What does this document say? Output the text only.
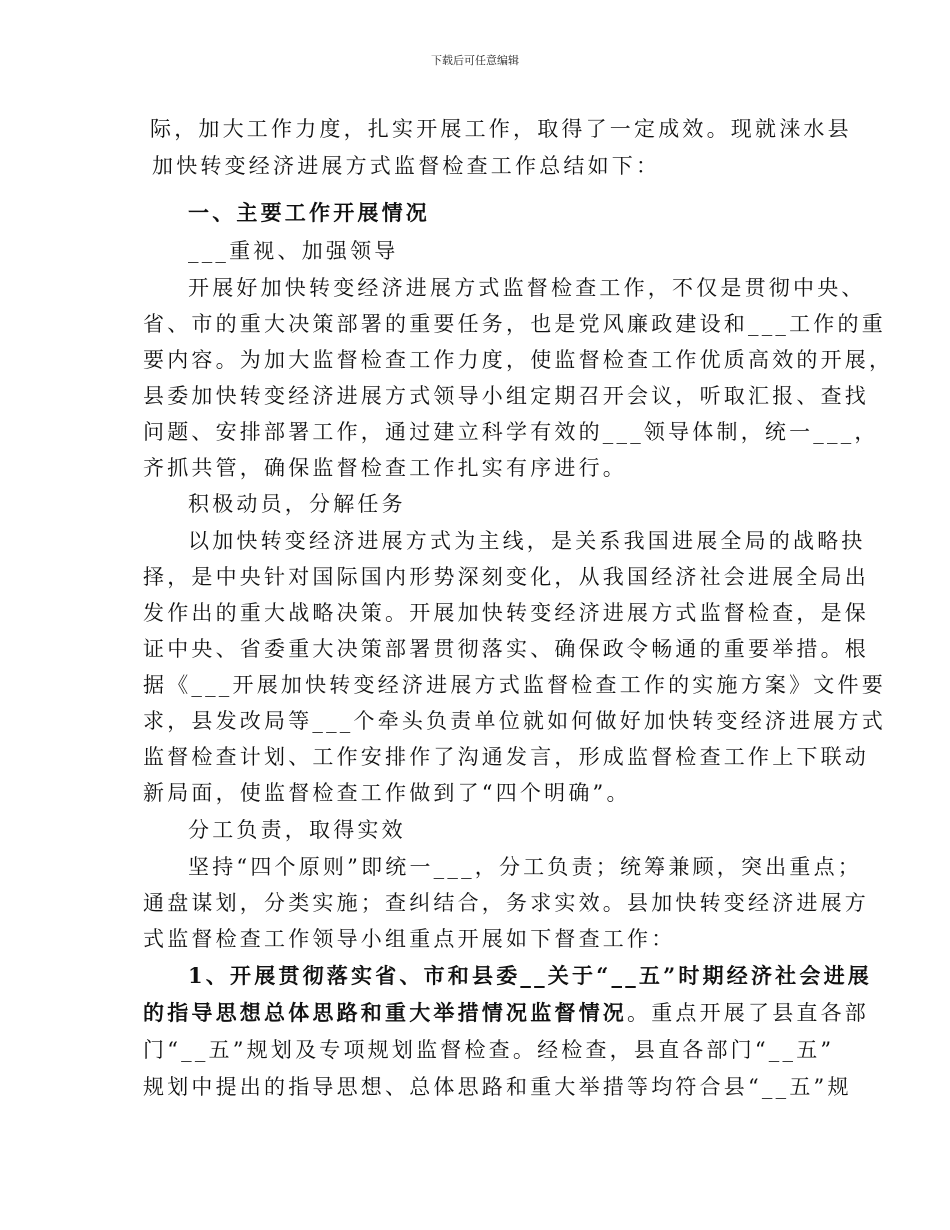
下载后可任意编辑
际，加大工作力度，扎实开展工作，取得了一定成效。现就涞水县
加快转变经济进展方式监督检查工作总结如下：
一、主要工作开展情况
___重视、加强领导
开展好加快转变经济进展方式监督检查工作，不仅是贯彻中央、
省、市的重大决策部署的重要任务，也是党风廉政建设和___工作的重
要内容。为加大监督检查工作力度，使监督检查工作优质高效的开展，
县委加快转变经济进展方式领导小组定期召开会议，听取汇报、查找
问题、安排部署工作，通过建立科学有效的___领导体制，统一___，
齐抓共管，确保监督检查工作扎实有序进行。
积极动员，分解任务
以加快转变经济进展方式为主线，是关系我国进展全局的战略抉
择，是中央针对国际国内形势深刻变化，从我国经济社会进展全局出
发作出的重大战略决策。开展加快转变经济进展方式监督检查，是保
证中央、省委重大决策部署贯彻落实、确保政令畅通的重要举措。根
据《___开展加快转变经济进展方式监督检查工作的实施方案》文件要
求，县发改局等___个牵头负责单位就如何做好加快转变经济进展方式
监督检查计划、工作安排作了沟通发言，形成监督检查工作上下联动
新局面，使监督检查工作做到了“四个明确”。
分工负责，取得实效
坚持“四个原则”即统一___，分工负责；统筹兼顾，突出重点；
通盘谋划，分类实施；查纠结合，务求实效。县加快转变经济进展方
式监督检查工作领导小组重点开展如下督查工作：
1、开展贯彻落实省、市和县委__关于“__五”时期经济社会进展
的指导思想总体思路和重大举措情况监督情况。重点开展了县直各部
门“__五”规划及专项规划监督检查。经检查，县直各部门“__五”
规划中提出的指导思想、总体思路和重大举措等均符合县“__五”规
